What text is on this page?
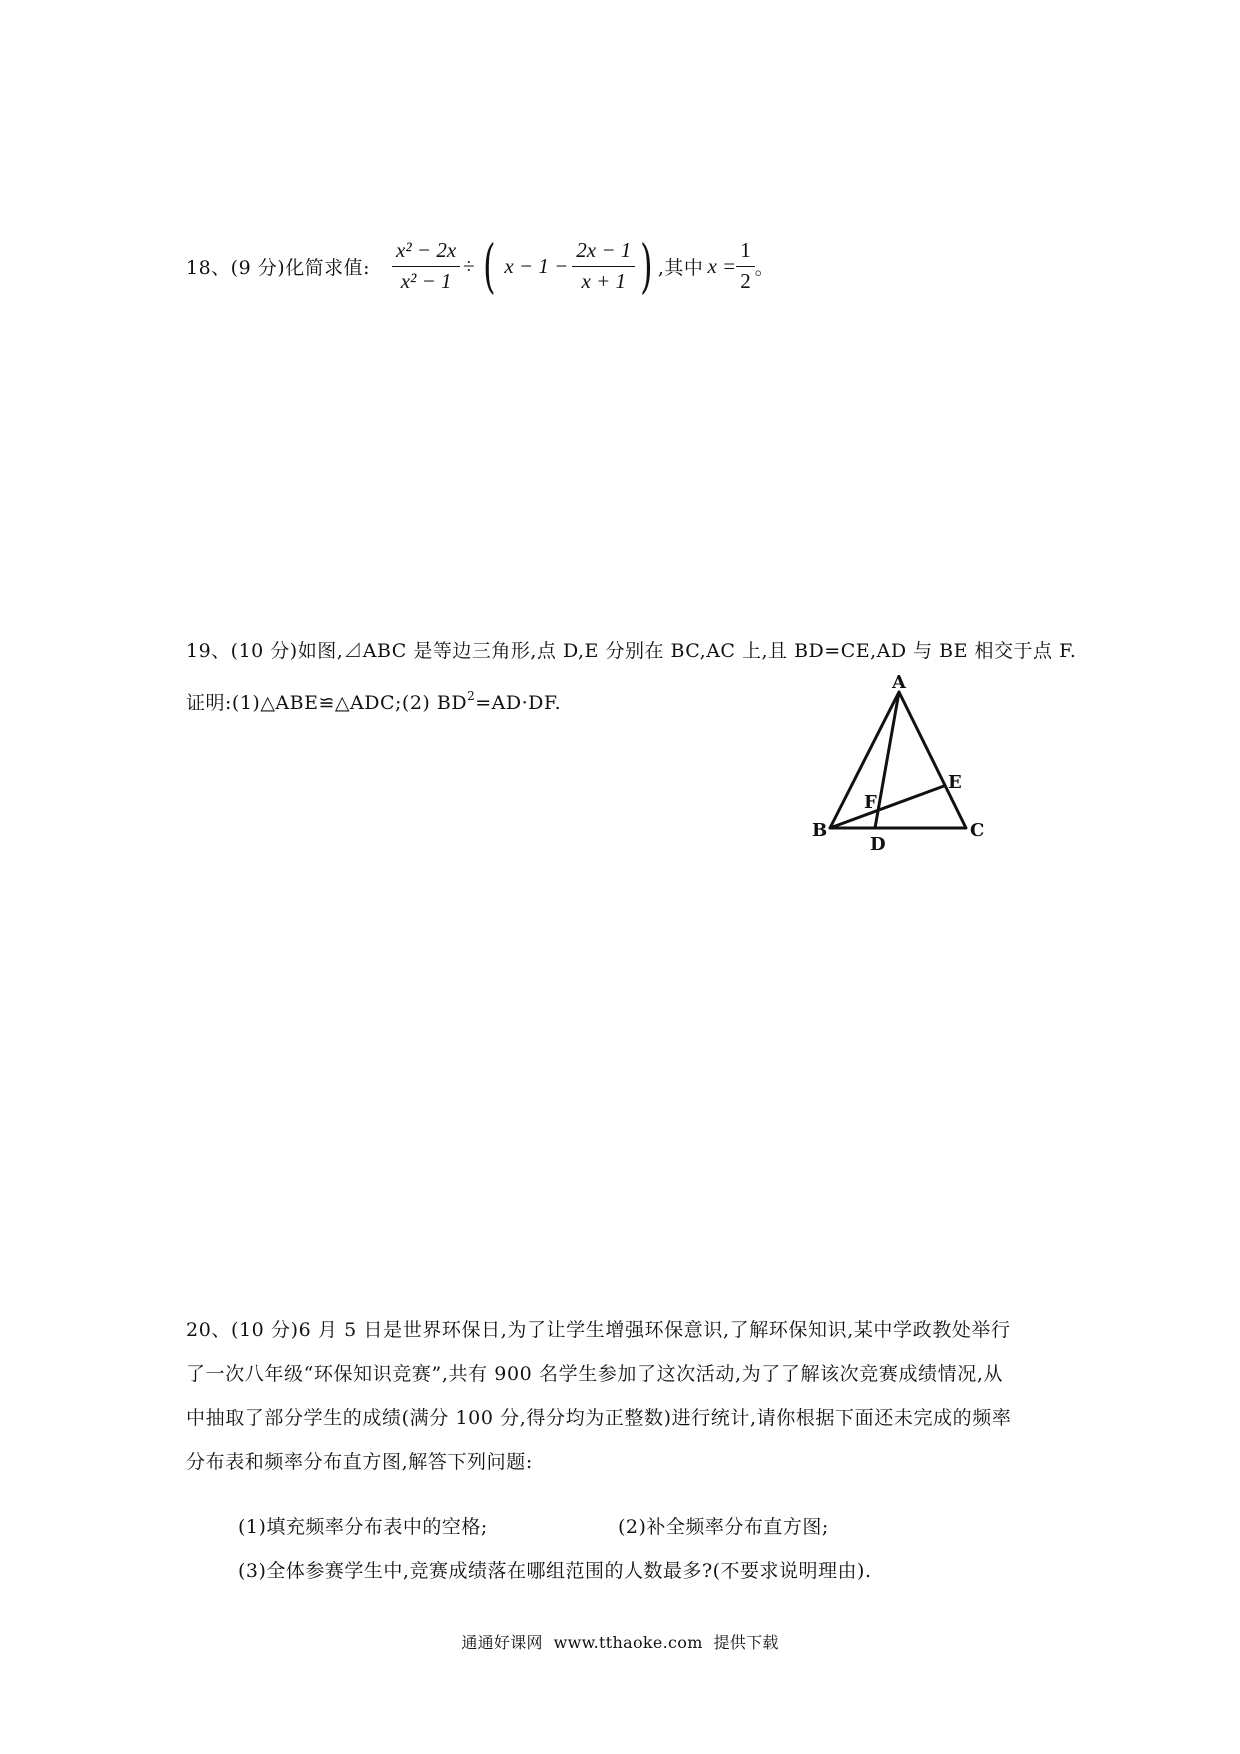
18、(9 分)化简求值: $\frac{\text{x² − 2x}}{\text{x² − 1}}$ ÷ ( $x - 1 - \frac{2x - 1}{x + 1}$ ) ,其中 $x = \frac{1}{2}$ 。
19、(10 分)如图,⊿ABC 是等边三角形,点 D,E 分别在 BC,AC 上,且 BD=CE,AD 与 BE 相交于点 F.
证明:(1)△ABE≌△ADC;(2) $BD^2=AD\cdot DF$.
A
B	C
D
E
F
20、(10 分)6 月 5 日是世界环保日,为了让学生增强环保意识,了解环保知识,某中学政教处举行
了一次八年级“环保知识竞赛”,共有 900 名学生参加了这次活动,为了了解该次竞赛成绩情况,从
中抽取了部分学生的成绩(满分 100 分,得分均为正整数)进行统计,请你根据下面还未完成的频率
分布表和频率分布直方图,解答下列问题:
(1)填充频率分布表中的空格;	(2)补全频率分布直方图;
(3)全体参赛学生中,竞赛成绩落在哪组范围的人数最多?(不要求说明理由).
通通好课网  www.tthaoke.com  提供下载
